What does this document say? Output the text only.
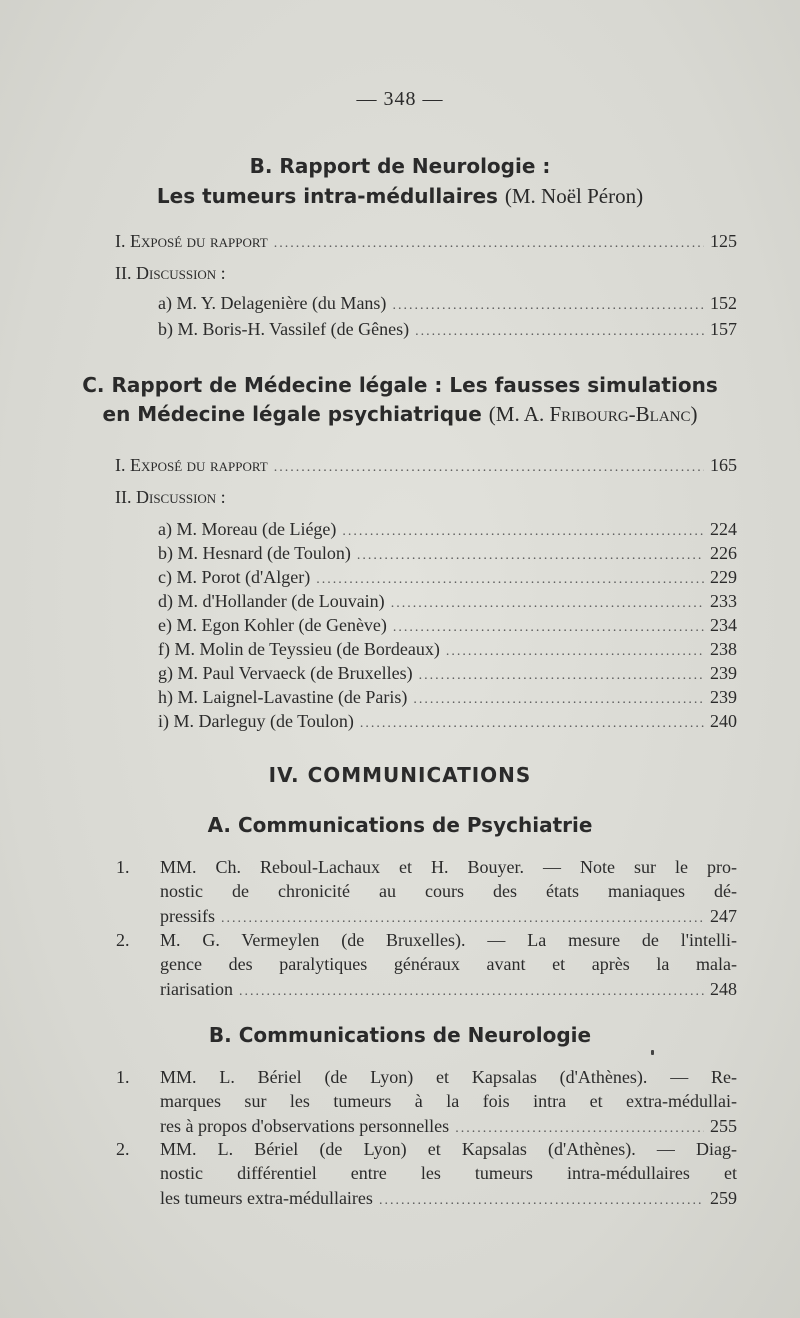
— 348 —
B. Rapport de Neurologie :
Les tumeurs intra-médullaires (M. Noël Péron)
I. Exposé du rapport .....	125
II. Discussion :
a) M. Y. Delagenière (du Mans) .....	152
b) M. Boris-H. Vassilef (de Gênes) .....	157
C. Rapport de Médecine légale : Les fausses simulations
en Médecine légale psychiatrique (M. A. Fribourg-Blanc)
I. Exposé du rapport .....	165
II. Discussion :
a) M. Moreau (de Liége) .....	224
b) M. Hesnard (de Toulon) .....	226
c) M. Porot (d'Alger) .....	229
d) M. d'Hollander (de Louvain) .....	233
e) M. Egon Kohler (de Genève) .....	234
f) M. Molin de Teyssieu (de Bordeaux) .....	238
g) M. Paul Vervaeck (de Bruxelles) .....	239
h) M. Laignel-Lavastine (de Paris) .....	239
i) M. Darleguy (de Toulon) .....	240
IV. COMMUNICATIONS
A. Communications de Psychiatrie
1. MM. Ch. Reboul-Lachaux et H. Bouyer. — Note sur le pro-
nostic de chronicité au cours des états maniaques dé-
pressifs .....	247
2. M. G. Vermeylen (de Bruxelles). — La mesure de l'intelli-
gence des paralytiques généraux avant et après la mala-
riarisation .....	248
B. Communications de Neurologie
1. MM. L. Bériel (de Lyon) et Kapsalas (d'Athènes). — Re-
marques sur les tumeurs à la fois intra et extra-médullai-
res à propos d'observations personnelles .....	255
2. MM. L. Bériel (de Lyon) et Kapsalas (d'Athènes). — Diag-
nostic différentiel entre les tumeurs intra-médullaires et
les tumeurs extra-médullaires .....	259
